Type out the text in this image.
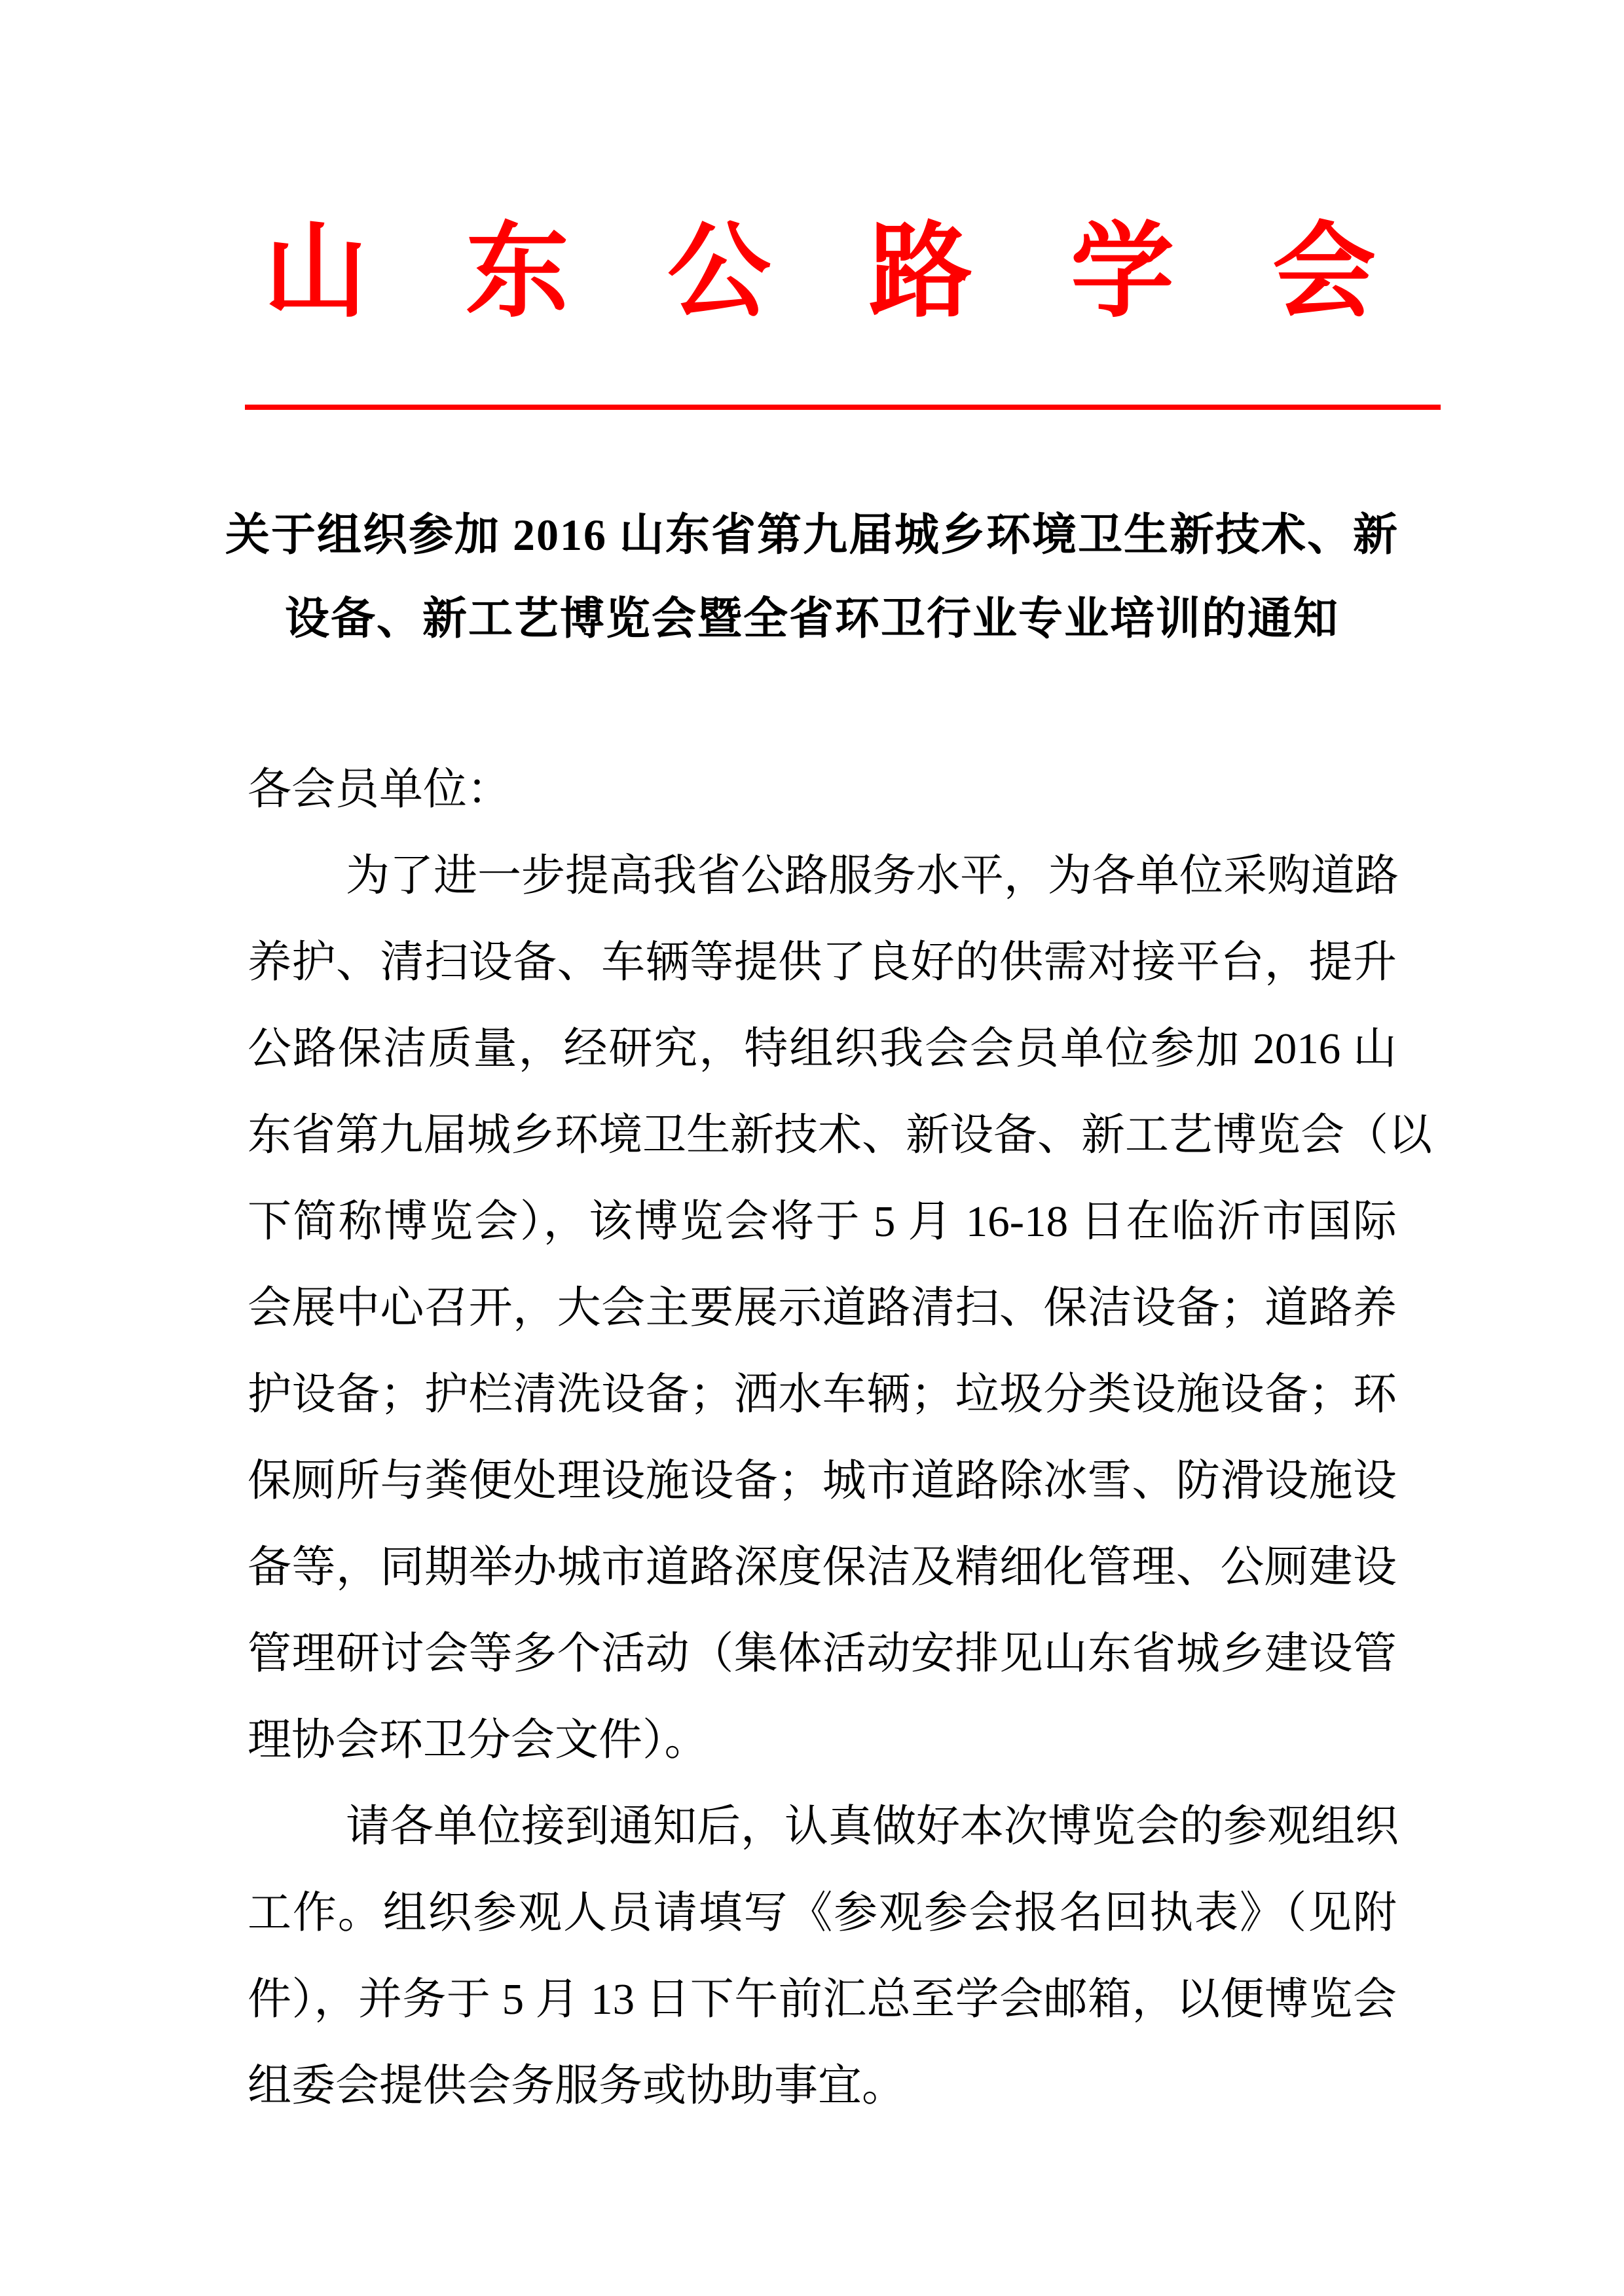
山东公路学会
关于组织参加 2016 山东省第九届城乡环境卫生新技术、新
设备、新工艺博览会暨全省环卫行业专业培训的通知
各会员单位：
为了进一步提高我省公路服务水平，为各单位采购道路
养护、清扫设备、车辆等提供了良好的供需对接平台，提升
公路保洁质量，经研究，特组织我会会员单位参加 2016 山
东省第九届城乡环境卫生新技术、新设备、新工艺博览会（以
下简称博览会），该博览会将于 5 月 16-18 日在临沂市国际
会展中心召开，大会主要展示道路清扫、保洁设备；道路养
护设备；护栏清洗设备；洒水车辆；垃圾分类设施设备；环
保厕所与粪便处理设施设备；城市道路除冰雪、防滑设施设
备等，同期举办城市道路深度保洁及精细化管理、公厕建设
管理研讨会等多个活动（集体活动安排见山东省城乡建设管
理协会环卫分会文件）。
请各单位接到通知后，认真做好本次博览会的参观组织
工作。组织参观人员请填写《参观参会报名回执表》（见附
件），并务于 5 月 13 日下午前汇总至学会邮箱，以便博览会
组委会提供会务服务或协助事宜。
